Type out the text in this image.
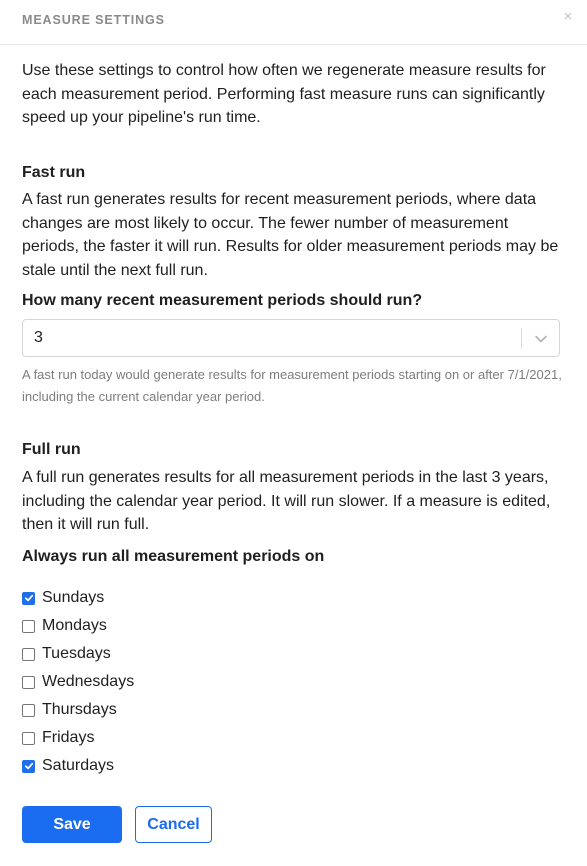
MEASURE SETTINGS	×

Use these settings to control how often we regenerate measure results for each measurement period. Performing fast measure runs can significantly speed up your pipeline's run time.

Fast run
A fast run generates results for recent measurement periods, where data changes are most likely to occur. The fewer number of measurement periods, the faster it will run. Results for older measurement periods may be stale until the next full run.
How many recent measurement periods should run?
3
A fast run today would generate results for measurement periods starting on or after 7/1/2021, including the current calendar year period.
Full run
A full run generates results for all measurement periods in the last 3 years, including the calendar year period. It will run slower. If a measure is edited, then it will run full.
Always run all measurement periods on
Sundays
Mondays
Tuesdays
Wednesdays
Thursdays
Fridays
Saturdays
Save	Cancel
